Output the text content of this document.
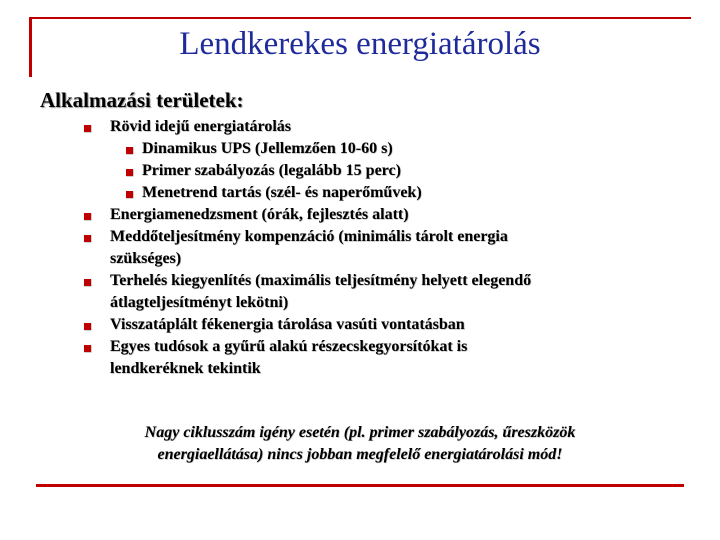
Lendkerekes energiatárolás
Alkalmazási területek:
Rövid idejű energiatárolás
Dinamikus UPS (Jellemzően 10-60 s)
Primer szabályozás (legalább 15 perc)
Menetrend tartás (szél- és naperőművek)
Energiamenedzsment (órák, fejlesztés alatt)
Meddőteljesítmény kompenzáció (minimális tárolt energia
szükséges)
Terhelés kiegyenlítés (maximális teljesítmény helyett elegendő
átlagteljesítményt lekötni)
Visszatáplált fékenergia tárolása vasúti vontatásban
Egyes tudósok a gyűrű alakú részecskegyorsítókat is
lendkeréknek tekintik
Nagy ciklusszám igény esetén (pl. primer szabályozás, űreszközök
energiaellátása) nincs jobban megfelelő energiatárolási mód!
